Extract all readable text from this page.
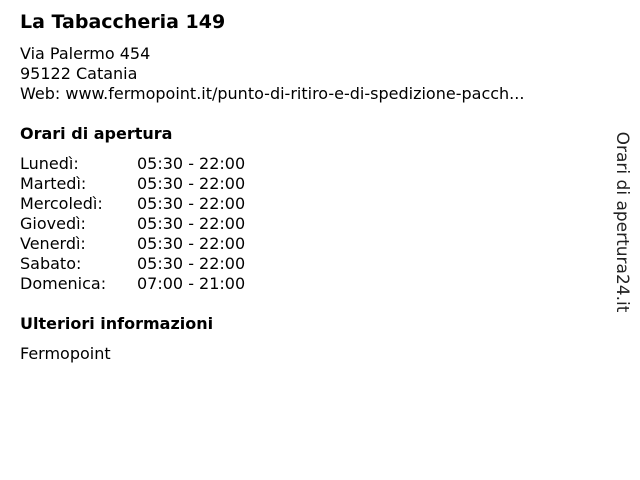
La Tabaccheria 149
Via Palermo 454
95122 Catania
Web: www.fermopoint.it/punto-di-ritiro-e-di-spedizione-pacch...
Orari di apertura
Lunedì:	05:30 - 22:00
Martedì:	05:30 - 22:00
Mercoledì: 05:30 - 22:00
Giovedì:	05:30 - 22:00
Venerdì:	05:30 - 22:00
Sabato:	05:30 - 22:00
Domenica: 07:00 - 21:00
Ulteriori informazioni
Fermopoint
Orari di apertura24.it
